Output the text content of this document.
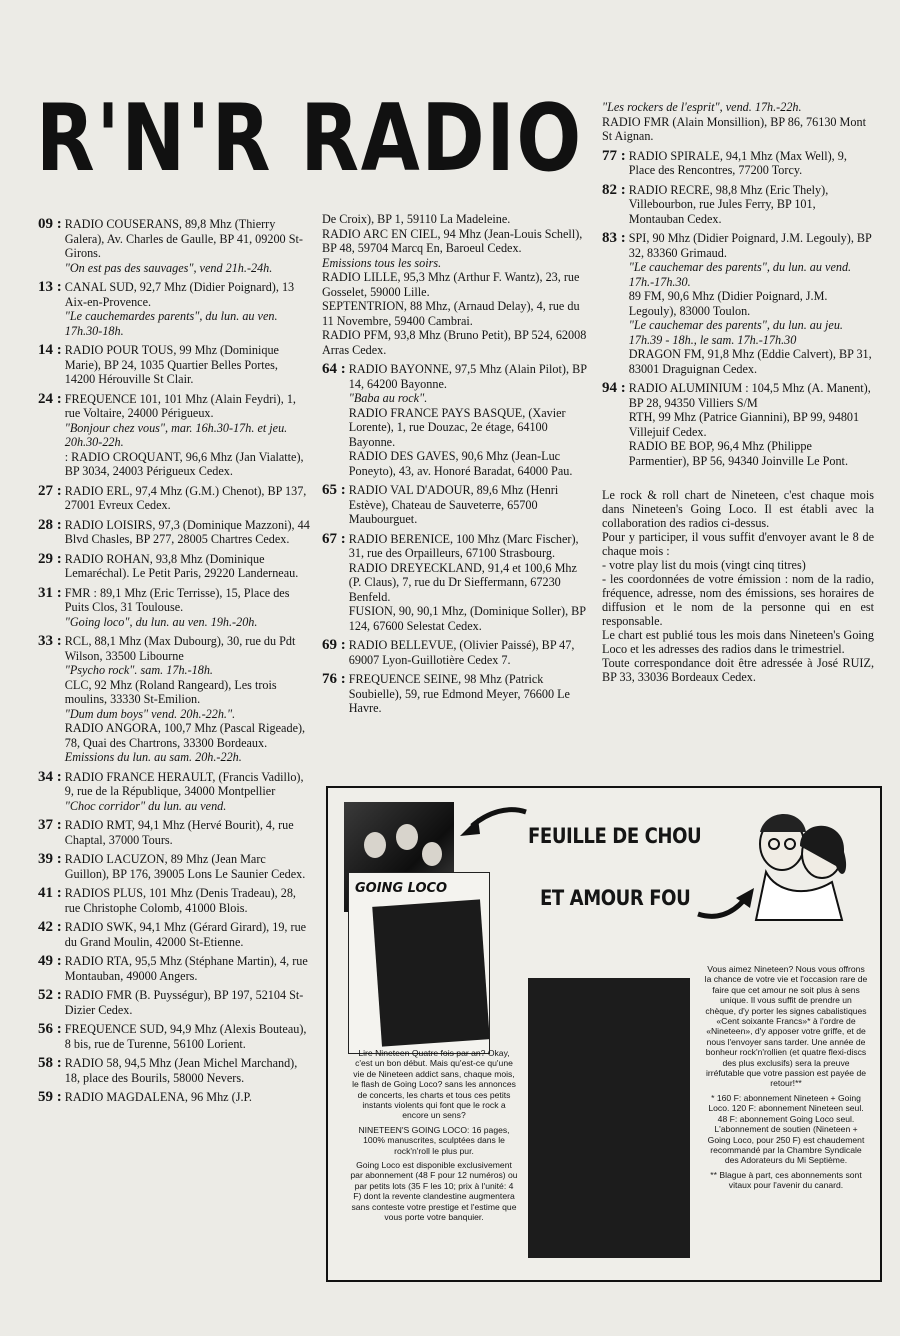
R'N'R RADIO
09 : RADIO COUSERANS, 89,8 Mhz (Thierry Galera), Av. Charles de Gaulle, BP 41, 09200 St-Girons.
"On est pas des sauvages", vend 21h.-24h.
13 : CANAL SUD, 92,7 Mhz (Didier Poignard), 13 Aix-en-Provence.
"Le cauchemardes parents", du lun. au ven. 17h.30-18h.
14 : RADIO POUR TOUS, 99 Mhz (Dominique Marie), BP 24, 1035 Quartier Belles Portes, 14200 Hérouville St Clair.
24 : FREQUENCE 101, 101 Mhz (Alain Feydri), 1, rue Voltaire, 24000 Périgueux.
"Bonjour chez vous", mar. 16h.30-17h. et jeu. 20h.30-22h.
: RADIO CROQUANT, 96,6 Mhz (Jan Vialatte), BP 3034, 24003 Périgueux Cedex.
27 : RADIO ERL, 97,4 Mhz (G.M.) Chenot), BP 137, 27001 Evreux Cedex.
28 : RADIO LOISIRS, 97,3 (Dominique Mazzoni), 44 Blvd Chasles, BP 277, 28005 Chartres Cedex.
29 : RADIO ROHAN, 93,8 Mhz (Dominique Lemaréchal). Le Petit Paris, 29220 Landerneau.
31 : FMR : 89,1 Mhz (Eric Terrisse), 15, Place des Puits Clos, 31 Toulouse.
"Going loco", du lun. au ven. 19h.-20h.
33 : RCL, 88,1 Mhz (Max Dubourg), 30, rue du Pdt Wilson, 33500 Libourne
"Psycho rock". sam. 17h.-18h.
CLC, 92 Mhz (Roland Rangeard), Les trois moulins, 33330 St-Emilion.
"Dum dum boys" vend. 20h.-22h.".
RADIO ANGORA, 100,7 Mhz (Pascal Rigeade), 78, Quai des Chartrons, 33300 Bordeaux.
Emissions du lun. au sam. 20h.-22h.
34 : RADIO FRANCE HERAULT, (Francis Vadillo), 9, rue de la République, 34000 Montpellier
"Choc corridor" du lun. au vend.
37 : RADIO RMT, 94,1 Mhz (Hervé Bourit), 4, rue Chaptal, 37000 Tours.
39 : RADIO LACUZON, 89 Mhz (Jean Marc Guillon), BP 176, 39005 Lons Le Saunier Cedex.
41 : RADIOS PLUS, 101 Mhz (Denis Tradeau), 28, rue Christophe Colomb, 41000 Blois.
42 : RADIO SWK, 94,1 Mhz (Gérard Girard), 19, rue du Grand Moulin, 42000 St-Etienne.
49 : RADIO RTA, 95,5 Mhz (Stéphane Martin), 4, rue Montauban, 49000 Angers.
52 : RADIO FMR (B. Puysségur), BP 197, 52104 St-Dizier Cedex.
56 : FREQUENCE SUD, 94,9 Mhz (Alexis Bouteau), 8 bis, rue de Turenne, 56100 Lorient.
58 : RADIO 58, 94,5 Mhz (Jean Michel Marchand), 18, place des Bourils, 58000 Nevers.
59 : RADIO MAGDALENA, 96 Mhz (J.P.
De Croix), BP 1, 59110 La Madeleine.
RADIO ARC EN CIEL, 94 Mhz (Jean-Louis Schell), BP 48, 59704 Marcq En, Baroeul Cedex.
Emissions tous les soirs.
RADIO LILLE, 95,3 Mhz (Arthur F. Wantz), 23, rue Gosselet, 59000 Lille.
SEPTENTRION, 88 Mhz, (Arnaud Delay), 4, rue du 11 Novembre, 59400 Cambrai.
RADIO PFM, 93,8 Mhz (Bruno Petit), BP 524, 62008 Arras Cedex.
64 : RADIO BAYONNE, 97,5 Mhz (Alain Pilot), BP 14, 64200 Bayonne.
"Baba au rock".
RADIO FRANCE PAYS BASQUE, (Xavier Lorente), 1, rue Douzac, 2e étage, 64100 Bayonne.
RADIO DES GAVES, 90,6 Mhz (Jean-Luc Poneyto), 43, av. Honoré Baradat, 64000 Pau.
65 : RADIO VAL D'ADOUR, 89,6 Mhz (Henri Estève), Chateau de Sauveterre, 65700 Maubourguet.
67 : RADIO BERENICE, 100 Mhz (Marc Fischer), 31, rue des Orpailleurs, 67100 Strasbourg.
RADIO DREYECKLAND, 91,4 et 100,6 Mhz (P. Claus), 7, rue du Dr Sieffermann, 67230 Benfeld.
FUSION, 90, 90,1 Mhz, (Dominique Soller), BP 124, 67600 Selestat Cedex.
69 : RADIO BELLEVUE, (Olivier Paissé), BP 47, 69007 Lyon-Guillotière Cedex 7.
76 : FREQUENCE SEINE, 98 Mhz (Patrick Soubielle), 59, rue Edmond Meyer, 76600 Le Havre.
"Les rockers de l'esprit", vend. 17h.-22h.
RADIO FMR (Alain Monsillion), BP 86, 76130 Mont St Aignan.
77 : RADIO SPIRALE, 94,1 Mhz (Max Well), 9, Place des Rencontres, 77200 Torcy.
82 : RADIO RECRE, 98,8 Mhz (Eric Thely), Villebourbon, rue Jules Ferry, BP 101, Montauban Cedex.
83 : SPI, 90 Mhz (Didier Poignard, J.M. Legouly), BP 32, 83360 Grimaud.
"Le cauchemar des parents", du lun. au vend. 17h.-17h.30.
89 FM, 90,6 Mhz (Didier Poignard, J.M. Legouly), 83000 Toulon.
"Le cauchemar des parents", du lun. au jeu. 17h.39 - 18h., le sam. 17h.-17h.30
DRAGON FM, 91,8 Mhz (Eddie Calvert), BP 31, 83001 Draguignan Cedex.
94 : RADIO ALUMINIUM : 104,5 Mhz (A. Manent), BP 28, 94350 Villiers S/M
RTH, 99 Mhz (Patrice Giannini), BP 99, 94801 Villejuif Cedex.
RADIO BE BOP, 96,4 Mhz (Philippe Parmentier), BP 56, 94340 Joinville Le Pont.

Le rock & roll chart de Nineteen, c'est chaque mois dans Nineteen's Going Loco. Il est établi avec la collaboration des radios ci-dessus.

Pour y participer, il vous suffit d'envoyer avant le 8 de chaque mois :

- votre play list du mois (vingt cinq titres)

- les coordonnées de votre émission : nom de la radio, fréquence, adresse, nom des émissions, ses horaires de diffusion et le nom de la personne qui en est responsable.

Le chart est publié tous les mois dans Nineteen's Going Loco et les adresses des radios dans le trimestriel.

Toute correspondance doit être adressée à José RUIZ, BP 33, 33036 Bordeaux Cedex.

GOING LOCO
FEUILLE DE CHOU
ET AMOUR FOU

Lire Nineteen Quatre fois par an? Okay, c'est un bon début. Mais qu'est-ce qu'une vie de Nineteen addict sans, chaque mois, le flash de Going Loco? sans les annonces de concerts, les charts et tous ces petits instants violents qui font que le rock a encore un sens?

NINETEEN'S GOING LOCO: 16 pages, 100% manuscrites, sculptées dans le rock'n'roll le plus pur.

Going Loco est disponible exclusivement par abonnement (48 F pour 12 numéros) ou par petits lots (35 F les 10; prix à l'unité: 4 F) dont la revente clandestine augmentera sans conteste votre prestige et l'estime que vous porte votre banquier.

Vous aimez Nineteen? Nous vous offrons la chance de votre vie et l'occasion rare de faire que cet amour ne soit plus à sens unique. Il vous suffit de prendre un chèque, d'y porter les signes cabalistiques «Cent soixante Francs»* à l'ordre de «Nineteen», d'y apposer votre griffe, et de nous l'envoyer sans tarder. Une année de bonheur rock'n'rollien (et quatre flexi-discs des plus exclusifs) sera la preuve irréfutable que votre passion est payée de retour!**

* 160 F: abonnement Nineteen + Going Loco. 120 F: abonnement Nineteen seul. 48 F: abonnement Going Loco seul. L'abonnement de soutien (Nineteen + Going Loco, pour 250 F) est chaudement recommandé par la Chambre Syndicale des Adorateurs du Mi Septième.

** Blague à part, ces abonnements sont vitaux pour l'avenir du canard.
